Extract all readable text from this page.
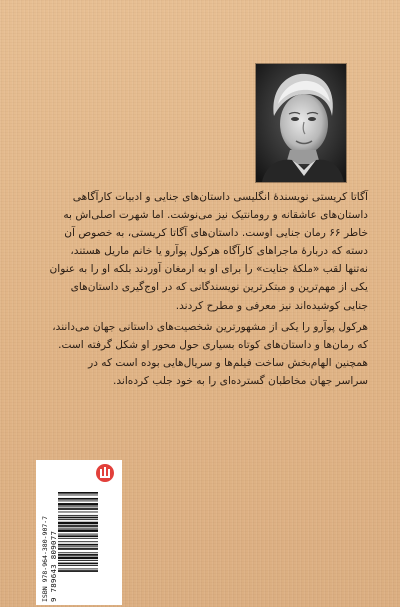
آگاتا کریستی نویسندۀ انگلیسی داستان‌های جنایی و ادبیات کارآگاهی
داستان‌های عاشقانه و رومانتیک نیز می‌نوشت. اما شهرت اصلی‌اش به
خاطر ۶۶ رمان جنایی اوست. داستان‌های آگاتا کریستی، به خصوص آن
دسته که دربارۀ ماجراهای کارآگاه هرکول پوآرو یا خانم ماریل هستند،
نه‌تنها لقب «ملکۀ جنایت» را برای او به ارمغان آوردند بلکه او را به عنوان
یکی از مهم‌ترین و مبتکرترین نویسندگانی که در اوج‌گیری داستان‌های
جنایی کوشیده‌اند نیز معرفی و مطرح کردند.
هرکول پوآرو را یکی از مشهورترین شخصیت‌های داستانی جهان می‌دانند،
که رمان‌ها و داستان‌های کوتاه بسیاری حول محور او شکل گرفته است.
همچنین الهام‌بخش ساخت فیلم‌ها و سریال‌هایی بوده است که در
سراسر جهان مخاطبان گسترده‌ای را به خود جلب کرده‌اند.
ISBN 978-964-380-907-7 9 789643 809077
